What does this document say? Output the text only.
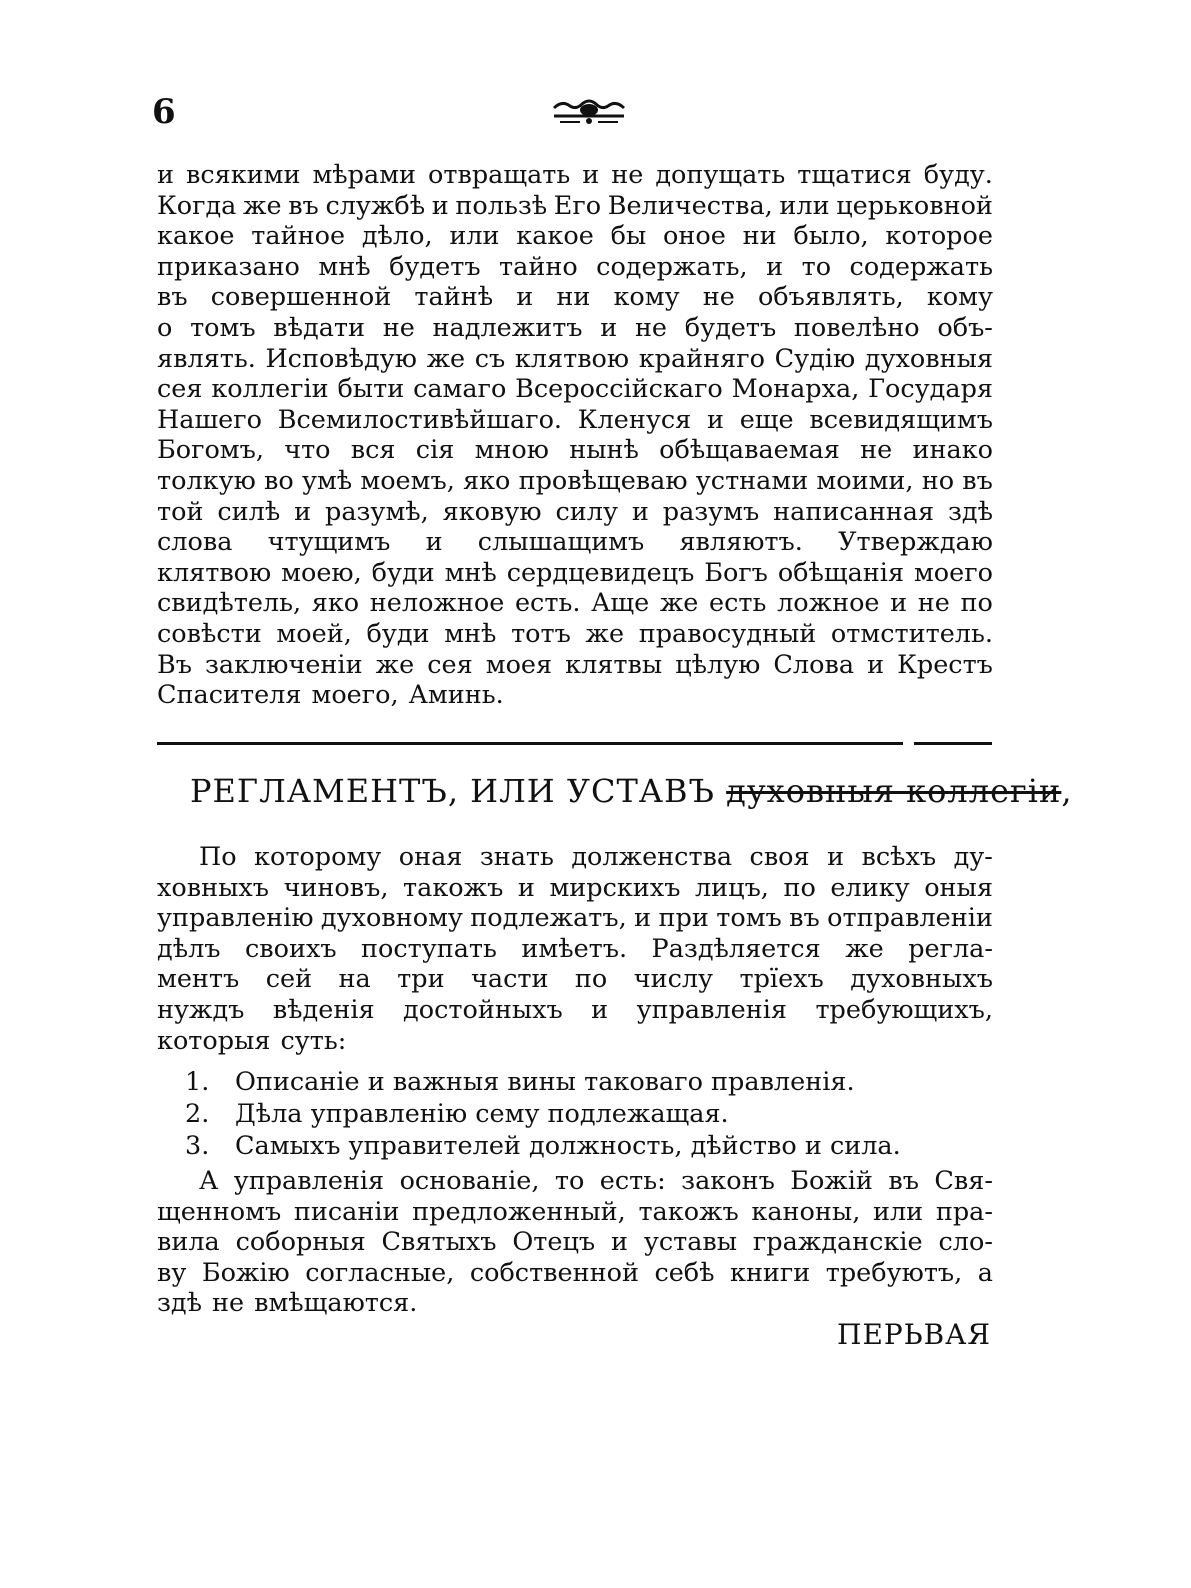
6
и всякими мѣрами отвращать и не допущать тщатися буду.
Когда же въ службѣ и пользѣ Его Величества, или церьковной
какое тайное дѣло, или какое бы оное ни было, которое
приказано мнѣ будетъ тайно содержать, и то содержать
въ совершенной тайнѣ и ни кому не объявлять, кому
о томъ вѣдати не надлежитъ и не будетъ повелѣно объ-
являть. Исповѣдую же съ клятвою крайняго Судію духовныя
сея коллегіи быти самаго Всероссійскаго Монарха, Государя
Нашего Всемилостивѣйшаго. Кленуся и еще всевидящимъ
Богомъ, что вся сія мною нынѣ обѣщаваемая не инако
толкую во умѣ моемъ, яко провѣщеваю устнами моими, но въ
той силѣ и разумѣ, яковую силу и разумъ написанная здѣ
слова чтущимъ и слышащимъ являютъ. Утверждаю
клятвою моею, буди мнѣ сердцевидецъ Богъ обѣщанія моего
свидѣтель, яко неложное есть. Аще же есть ложное и не по
совѣсти моей, буди мнѣ тотъ же правосудный отмститель.
Въ заключеніи же сея моея клятвы цѣлую Слова и Крестъ
Спасителя моего, Аминь.
РЕГЛАМЕНТЪ, ИЛИ УСТАВЪ духовныя коллегіи,
По которому оная знать долженства своя и всѣхъ ду-
ховныхъ чиновъ, такожъ и мирскихъ лицъ, по елику оныя
управленію духовному подлежатъ, и при томъ въ отправленіи
дѣлъ своихъ поступать имѣетъ. Раздѣляется же регла-
ментъ сей на три части по числу трїехъ духовныхъ
нуждъ вѣденія достойныхъ и управленія требующихъ,
которыя суть:
1.	Описаніе и важныя вины таковаго правленія.
2.	Дѣла управленію сему подлежащая.
3.	Самыхъ управителей должность, дѣйство и сила.
А управленія основаніе, то есть: законъ Божій въ Свя-
щенномъ писаніи предложенный, такожъ каноны, или пра-
вила соборныя Святыхъ Отецъ и уставы гражданскіе сло-
ву Божію согласные, собственной себѣ книги требуютъ, а
здѣ не вмѣщаются.
ПЕРЬВАЯ
